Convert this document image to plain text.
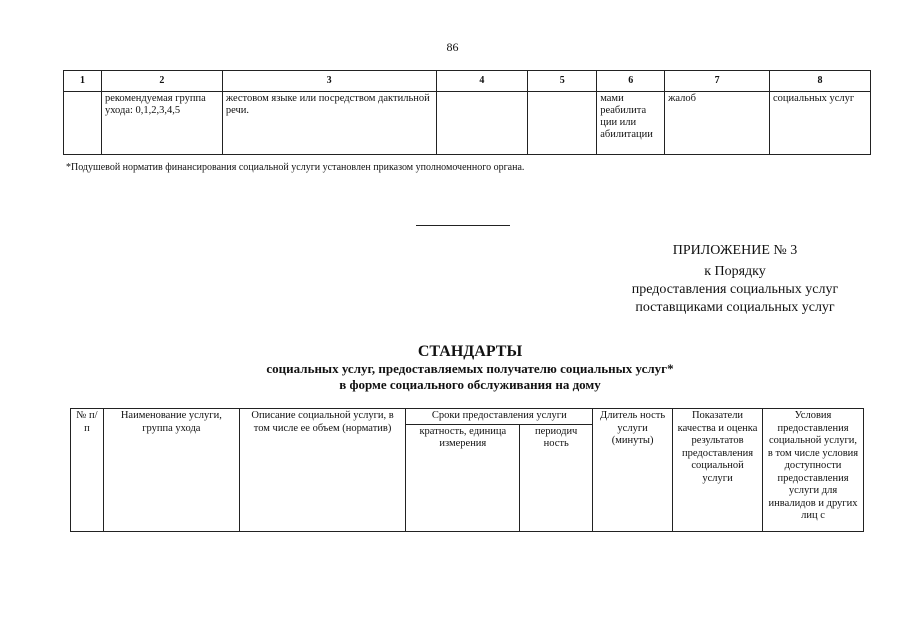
86
1	2	3	4	5	6	7	8
	рекомендуемая группа ухода: 0,1,2,3,4,5	жестовом языке или посредством дактильной речи.			мами реабилита ции или абилитации	жалоб	социальных услуг
*Подушевой норматив финансирования социальной услуги установлен приказом уполномоченного органа.
ПРИЛОЖЕНИЕ № 3
к Порядку
предоставления социальных услуг
поставщиками социальных услуг
СТАНДАРТЫ
социальных услуг, предоставляемых получателю социальных услуг*
в форме социального обслуживания на дому
№ п/п	Наименование услуги, группа ухода	Описание социальной услуги, в том числе ее объем (норматив)	Сроки предоставления услуги		Длитель ность услуги (минуты)	Показатели качества и оценка результатов предоставления социальной услуги	Условия предоставления социальной услуги, в том числе условия доступности предоставления услуги для инвалидов и других лиц с
			кратность, единица измерения	периодич ность			
